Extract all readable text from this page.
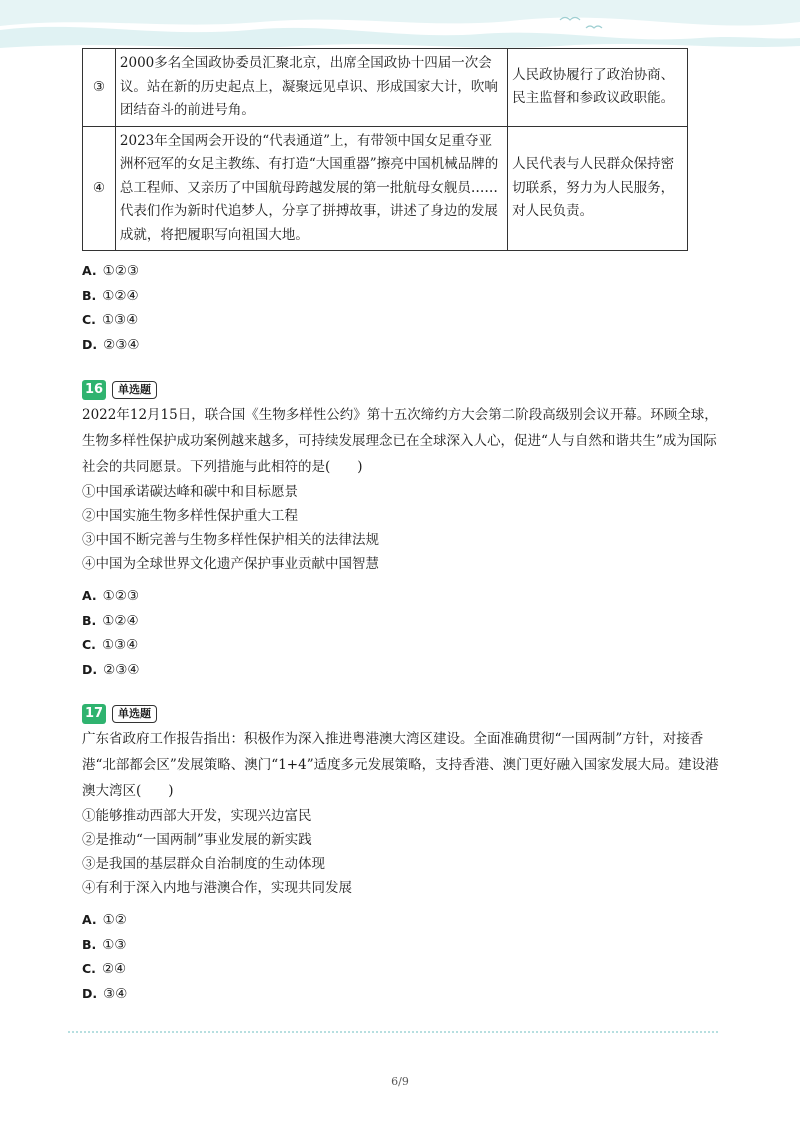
③	2000多名全国政协委员汇聚北京，出席全国政协十四届一次会议。站在新的历史起点上，凝聚远见卓识、形成国家大计，吹响团结奋斗的前进号角。	人民政协履行了政治协商、民主监督和参政议政职能。
④	2023年全国两会开设的“代表通道”上，有带领中国女足重夺亚洲杯冠军的女足主教练、有打造“大国重器”擦亮中国机械品牌的总工程师、又亲历了中国航母跨越发展的第一批航母女舰员……代表们作为新时代追梦人，分享了拼搏故事，讲述了身边的发展成就，将把履职写向祖国大地。	人民代表与人民群众保持密切联系，努力为人民服务，对人民负责。
A. ①②③
B. ①②④
C. ①③④
D. ②③④
16	单选题
2022年12月15日，联合国《生物多样性公约》第十五次缔约方大会第二阶段高级别会议开幕。环顾全球，生物多样性保护成功案例越来越多，可持续发展理念已在全球深入人心，促进“人与自然和谐共生”成为国际社会的共同愿景。下列措施与此相符的是(　　)
①中国承诺碳达峰和碳中和目标愿景
②中国实施生物多样性保护重大工程
③中国不断完善与生物多样性保护相关的法律法规
④中国为全球世界文化遗产保护事业贡献中国智慧
A. ①②③
B. ①②④
C. ①③④
D. ②③④
17	单选题
广东省政府工作报告指出：积极作为深入推进粤港澳大湾区建设。全面准确贯彻“一国两制”方针，对接香港“北部都会区”发展策略、澳门“1+4”适度多元发展策略，支持香港、澳门更好融入国家发展大局。建设港澳大湾区(　　)
①能够推动西部大开发，实现兴边富民
②是推动“一国两制”事业发展的新实践
③是我国的基层群众自治制度的生动体现
④有利于深入内地与港澳合作，实现共同发展
A. ①②
B. ①③
C. ②④
D. ③④
6/9
